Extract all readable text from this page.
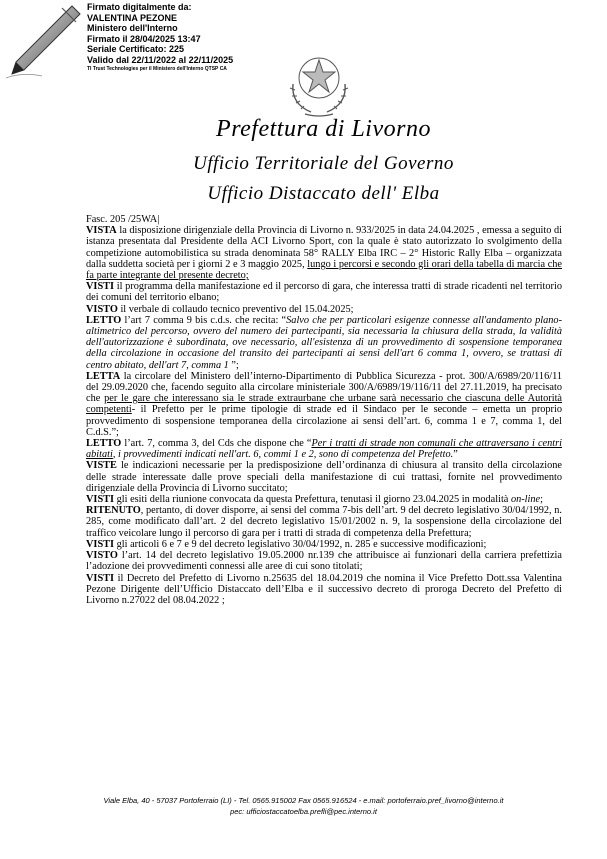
Firmato digitalmente da:
VALENTINA PEZONE
Ministero dell'Interno
Firmato il 28/04/2025 13:47
Seriale Certificato: 225
Valido dal 22/11/2022 al 22/11/2025
TI Trust Technologies per il Ministero dell'Interno QTSP CA
Prefettura di Livorno
Ufficio Territoriale del Governo
Ufficio Distaccato dell' Elba

Fasc. 205 /25WA|

VISTA la disposizione dirigenziale della Provincia di Livorno n. 933/2025 in data 24.04.2025 , emessa a seguito di istanza presentata dal Presidente della ACI Livorno Sport, con la quale è stato autorizzato lo svolgimento della competizione automobilistica su strada denominata 58° RALLY Elba IRC – 2° Historic Rally Elba – organizzata dalla suddetta società per i giorni 2 e 3 maggio 2025, lungo i percorsi e secondo gli orari della tabella di marcia che fa parte integrante del presente decreto;

VISTI il programma della manifestazione ed il percorso di gara, che interessa tratti di strade ricadenti nel territorio dei comuni del territorio elbano;

VISTO il verbale di collaudo tecnico preventivo del 15.04.2025;

LETTO l’art 7 comma 9 bis c.d.s. che recita: “Salvo che per particolari esigenze connesse all'andamento plano-altimetrico del percorso, ovvero del numero dei partecipanti, sia necessaria la chiusura della strada, la validità dell'autorizzazione è subordinata, ove necessario, all'esistenza di un provvedimento di sospensione temporanea della circolazione in occasione del transito dei partecipanti ai sensi dell'art 6 comma 1, ovvero, se trattasi di centro abitato, dell'art 7, comma 1 ”;

LETTA la circolare del Ministero dell’interno-Dipartimento di Pubblica Sicurezza - prot. 300/A/6989/20/116/11 del 29.09.2020 che, facendo seguito alla circolare ministeriale 300/A/6989/19/116/11 del 27.11.2019, ha precisato che per le gare che interessano sia le strade extraurbane che urbane sarà necessario che ciascuna delle Autorità competenti- il Prefetto per le prime tipologie di strade ed il Sindaco per le seconde – emetta un proprio provvedimento di sospensione temporanea della circolazione ai sensi dell’art. 6, comma 1 e 7, comma 1, del C.d.S.”;

LETTO l’art. 7, comma 3, del Cds che dispone che “Per i tratti di strade non comunali che attraversano i centri abitati, i provvedimenti indicati nell'art. 6, commi 1 e 2, sono di competenza del Prefetto.”

VISTE le indicazioni necessarie per la predisposizione dell’ordinanza di chiusura al transito della circolazione delle strade interessate dalle prove speciali della manifestazione di cui trattasi, fornite nel provvedimento dirigenziale della Provincia di Livorno succitato;

VISTI gli esiti della riunione convocata da questa Prefettura, tenutasi il giorno 23.04.2025 in modalità on-line;

RITENUTO, pertanto, di dover disporre, ai sensi del comma 7-bis dell’art. 9 del decreto legislativo 30/04/1992, n. 285, come modificato dall’art. 2 del decreto legislativo 15/01/2002 n. 9, la sospensione della circolazione del traffico veicolare lungo il percorso di gara per i tratti di strada di competenza della Prefettura;

VISTI gli articoli 6 e 7 e 9 del decreto legislativo 30/04/1992, n. 285 e successive modificazioni;

VISTO l’art. 14 del decreto legislativo 19.05.2000 nr.139 che attribuisce ai funzionari della carriera prefettizia l’adozione dei provvedimenti connessi alle aree di cui sono titolati;

VISTI il Decreto del Prefetto di Livorno n.25635 del 18.04.2019 che nomina il Vice Prefetto Dott.ssa Valentina Pezone Dirigente dell’Ufficio Distaccato dell’Elba e il successivo decreto di proroga Decreto del Prefetto di Livorno n.27022 del 08.04.2022 ;

Viale Elba, 40 - 57037 Portoferraio (LI) - Tel. 0565.915002 Fax 0565.916524 - e.mail: portoferraio.pref_livorno@interno.it
pec: ufficiostaccatoelba.prefli@pec.interno.it
